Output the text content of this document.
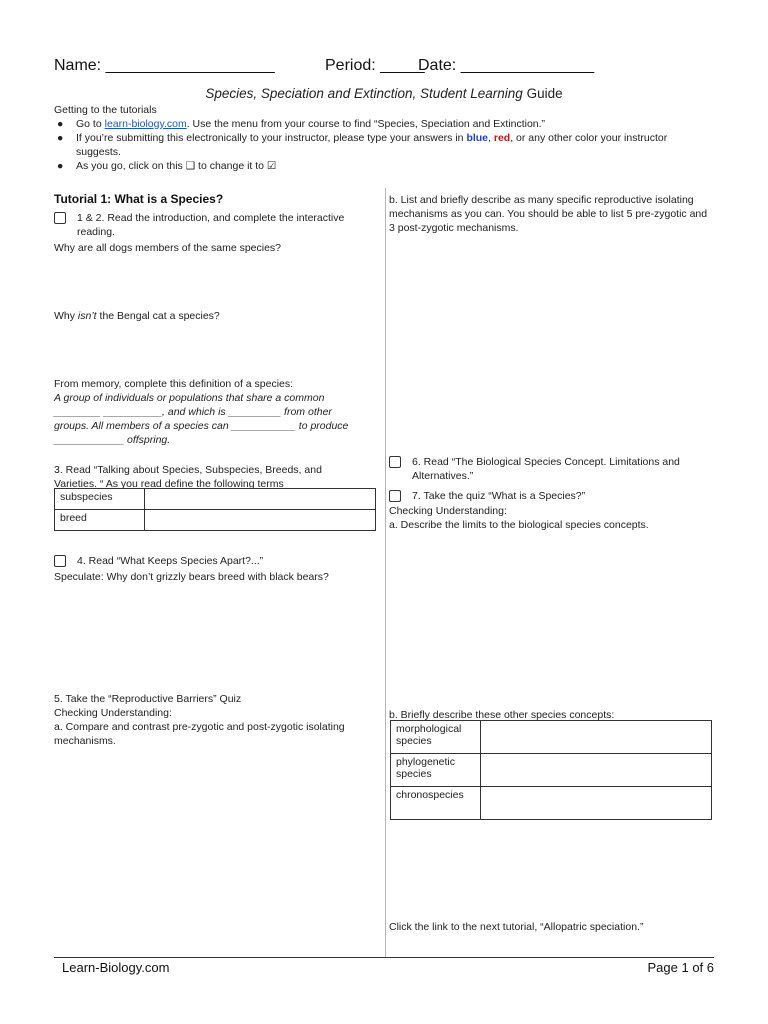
Name: ___________________	Period: _____
Date: _______________
Species, Speciation and Extinction, Student Learning Guide
Getting to the tutorials
● Go to learn-biology.com. Use the menu from your course to find “Species, Speciation and Extinction.”
● If you’re submitting this electronically to your instructor, please type your answers in blue, red, or any other color your instructor suggests.
● As you go, click on this ❑ to change it to ☑
Tutorial 1: What is a Species?
1 & 2. Read the introduction, and complete the interactive reading.
Why are all dogs members of the same species?
Why isn’t the Bengal cat a species?
From memory, complete this definition of a species:
A group of individuals or populations that share a common
________ __________, and which is _________ from other
groups. All members of a species can ___________ to produce
____________ offspring.
3. Read “Talking about Species, Subspecies, Breeds, and Varieties. “ As you read define the following terms
subspecies	
breed	
4. Read “What Keeps Species Apart?...”
Speculate: Why don’t grizzly bears breed with black bears?
5. Take the “Reproductive Barriers” Quiz
Checking Understanding:
a. Compare and contrast pre-zygotic and post-zygotic isolating mechanisms.
b. List and briefly describe as many specific reproductive isolating mechanisms as you can. You should be able to list 5 pre-zygotic and 3 post-zygotic mechanisms.
6. Read “The Biological Species Concept. Limitations and Alternatives.”
7. Take the quiz “What is a Species?”
Checking Understanding:
a. Describe the limits to the biological species concepts.
b. Briefly describe these other species concepts:
morphological species	
phylogenetic species	
chronospecies	
Click the link to the next tutorial, “Allopatric speciation.”
Learn-Biology.com	Page 1 of 6
